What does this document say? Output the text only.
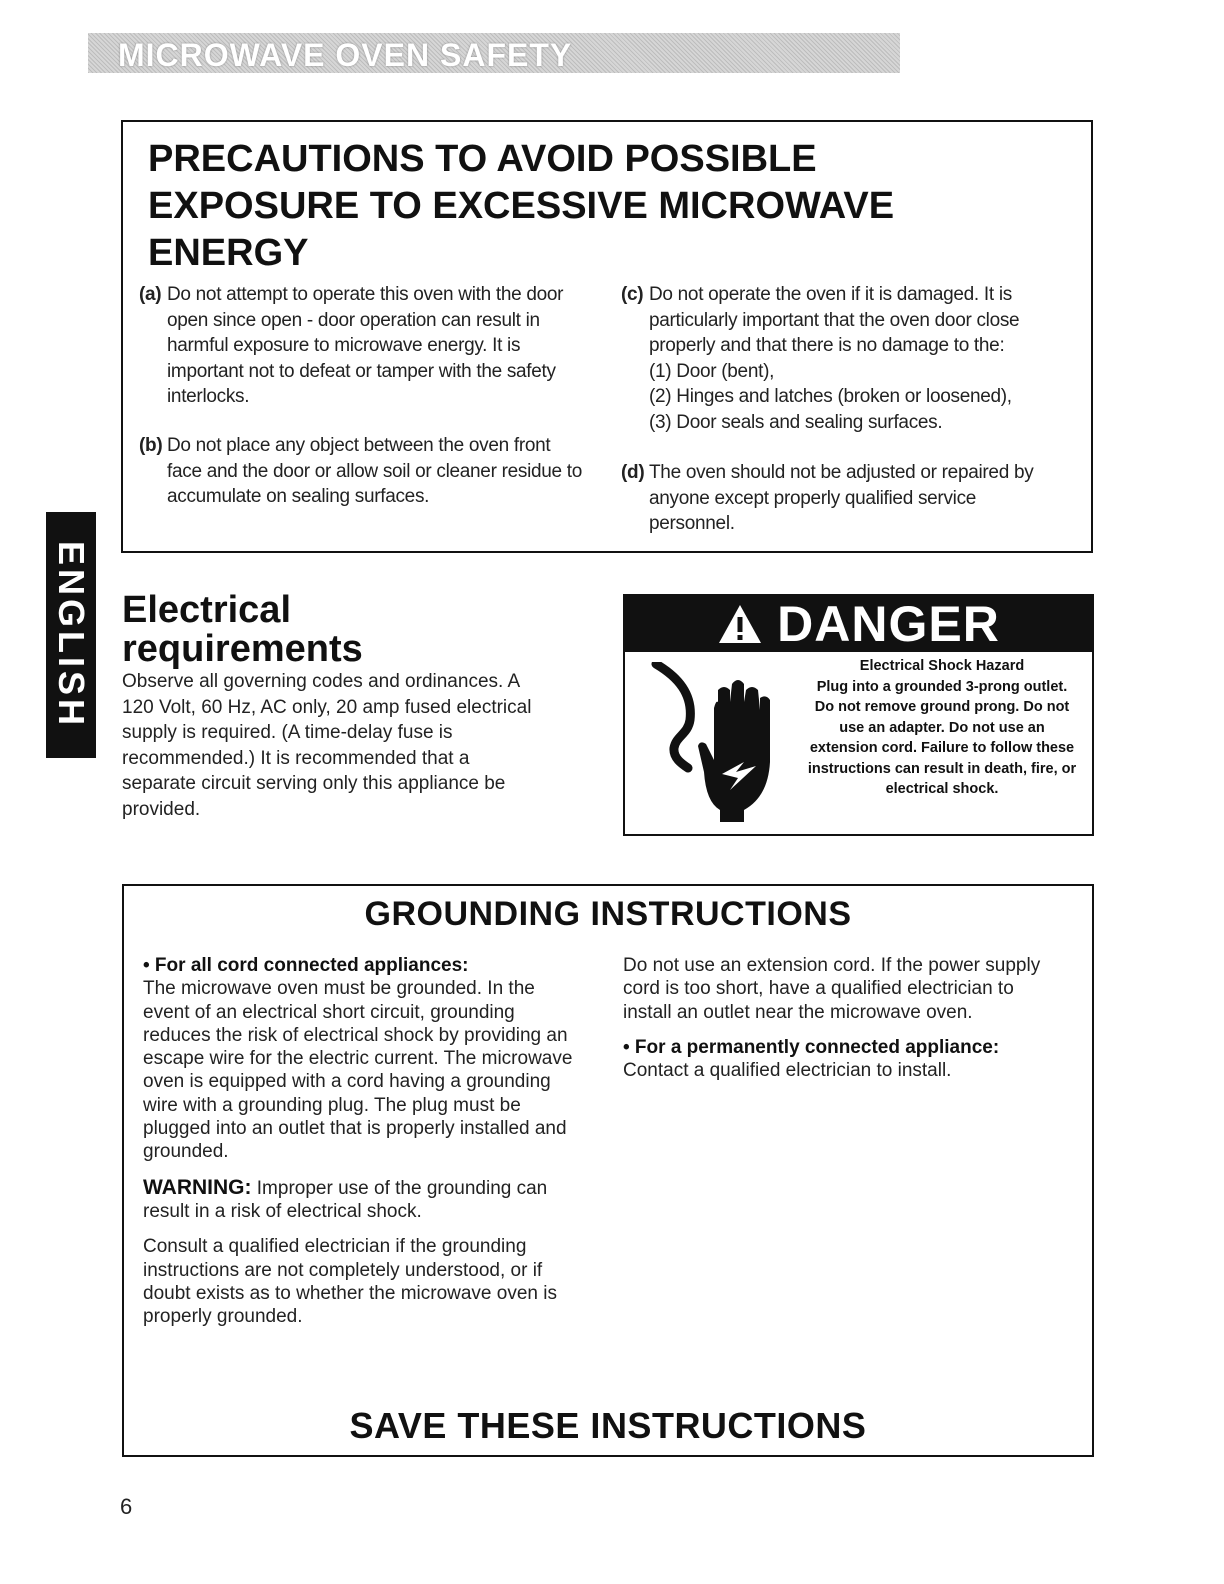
MICROWAVE OVEN SAFETY
ENGLISH
PRECAUTIONS TO AVOID POSSIBLE EXPOSURE TO EXCESSIVE MICROWAVE ENERGY
(a) Do not attempt to operate this oven with the door open since open - door operation can result in harmful exposure to microwave energy. It is important not to defeat or tamper with the safety interlocks.
(b) Do not place any object between the oven front face and the door or allow soil or cleaner residue to accumulate on sealing surfaces.
(c) Do not operate the oven if it is damaged. It is particularly important that the oven door close properly and that there is no damage to the:
(1) Door (bent),
(2) Hinges and latches (broken or loosened),
(3) Door seals and sealing surfaces.
(d) The oven should not be adjusted or repaired by anyone except properly qualified service personnel.
Electrical
requirements
Observe all governing codes and ordinances. A 120 Volt, 60 Hz, AC only, 20 amp fused electrical supply is required. (A time-delay fuse is recommended.) It is recommended that a separate circuit serving only this appliance be provided.
DANGER
Electrical Shock Hazard
Plug into a grounded 3-prong outlet. Do not remove ground prong. Do not use an adapter. Do not use an extension cord. Failure to follow these instructions can result in death, fire, or electrical shock.
GROUNDING INSTRUCTIONS

• For all cord connected appliances:
The microwave oven must be grounded. In the event of an electrical short circuit, grounding reduces the risk of electrical shock by providing an escape wire for the electric current. The microwave oven is equipped with a cord having a grounding wire with a grounding plug. The plug must be plugged into an outlet that is properly installed and grounded.

WARNING: Improper use of the grounding can result in a risk of electrical shock.

Consult a qualified electrician if the grounding instructions are not completely understood, or if doubt exists as to whether the microwave oven is properly grounded.

Do not use an extension cord. If the power supply cord is too short, have a qualified electrician to install an outlet near the microwave oven.

• For a permanently connected appliance:
Contact a qualified electrician to install.

SAVE THESE INSTRUCTIONS
6
